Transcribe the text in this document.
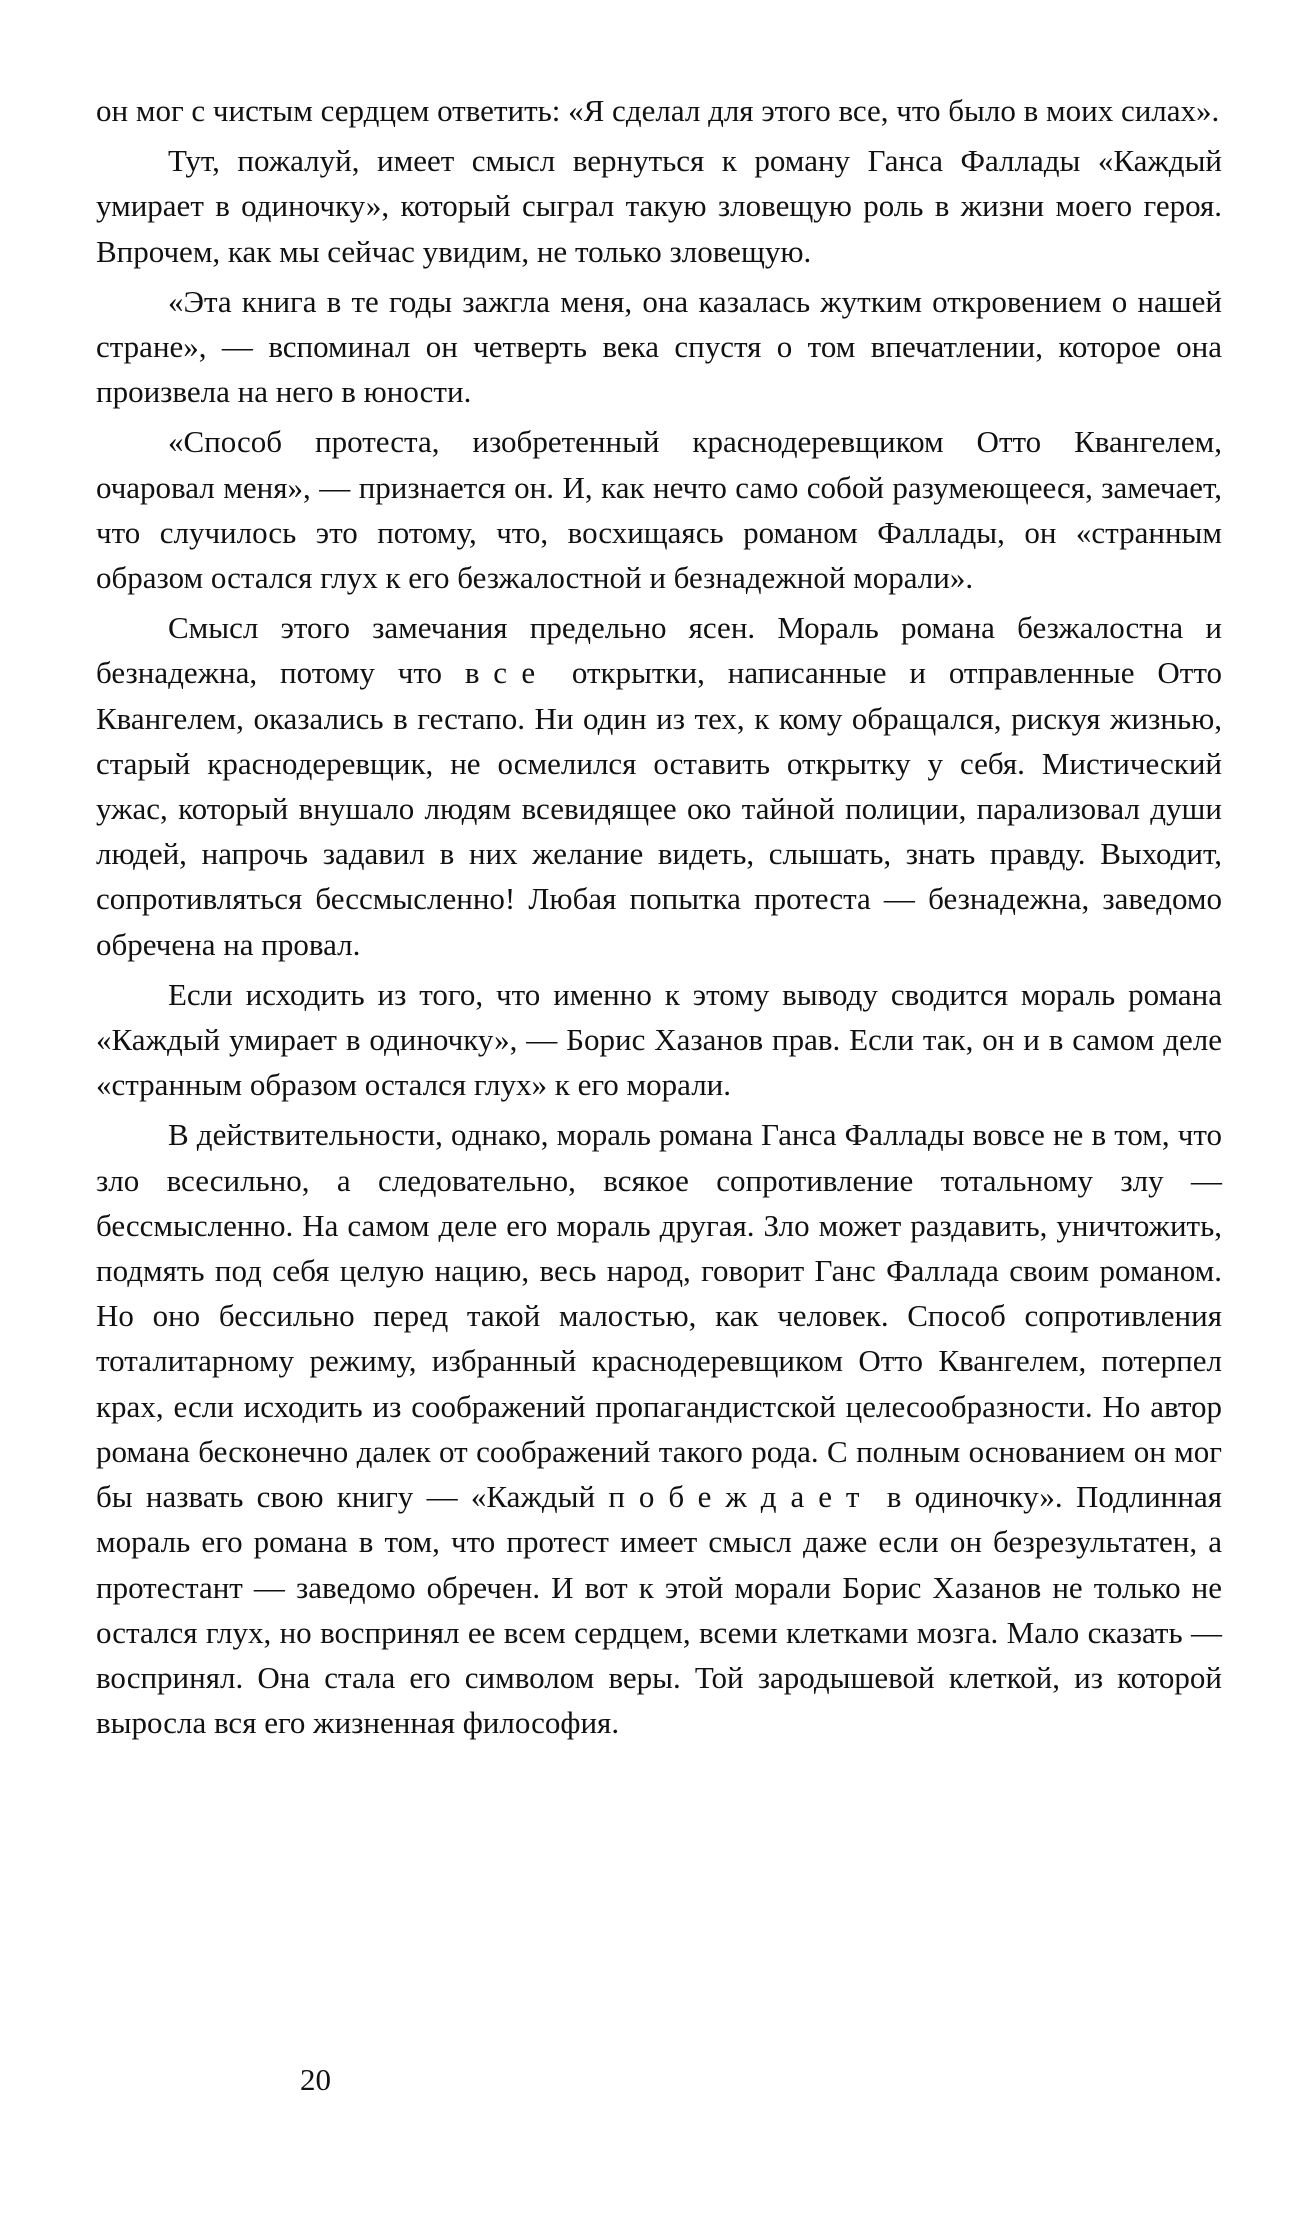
он мог с чистым сердцем ответить: «Я сделал для этого все, что было в моих силах».

Тут, пожалуй, имеет смысл вернуться к роману Ганса Фаллады «Каждый умирает в одиночку», который сыграл такую зловещую роль в жизни моего героя. Впрочем, как мы сейчас увидим, не только зловещую.

«Эта книга в те годы зажгла меня, она казалась жутким откровением о нашей стране», — вспоминал он четверть века спустя о том впечатлении, которое она произвела на него в юности.

«Способ протеста, изобретенный краснодеревщиком Отто Квангелем, очаровал меня», — признается он. И, как нечто само собой разумеющееся, замечает, что случилось это потому, что, восхищаясь романом Фаллады, он «странным образом остался глух к его безжалостной и безнадежной морали».

Смысл этого замечания предельно ясен. Мораль романа безжалостна и безнадежна, потому что все открытки, написанные и отправленные Отто Квангелем, оказались в гестапо. Ни один из тех, к кому обращался, рискуя жизнью, старый краснодеревщик, не осмелился оставить открытку у себя. Мистический ужас, который внушало людям всевидящее око тайной полиции, парализовал души людей, напрочь задавил в них желание видеть, слышать, знать правду. Выходит, сопротивляться бессмысленно! Любая попытка протеста — безнадежна, заведомо обречена на провал.

Если исходить из того, что именно к этому выводу сводится мораль романа «Каждый умирает в одиночку», — Борис Хазанов прав. Если так, он и в самом деле «странным образом остался глух» к его морали.

В действительности, однако, мораль романа Ганса Фаллады вовсе не в том, что зло всесильно, а следовательно, всякое сопротивление тотальному злу — бессмысленно. На самом деле его мораль другая. Зло может раздавить, уничтожить, подмять под себя целую нацию, весь народ, говорит Ганс Фаллада своим романом. Но оно бессильно перед такой малостью, как человек. Способ сопротивления тоталитарному режиму, избранный краснодеревщиком Отто Квангелем, потерпел крах, если исходить из соображений пропагандистской целесообразности. Но автор романа бесконечно далек от соображений такого рода. С полным основанием он мог бы назвать свою книгу — «Каждый побеждает в одиночку». Подлинная мораль его романа в том, что протест имеет смысл даже если он безрезультатен, а протестант — заведомо обречен. И вот к этой морали Борис Хазанов не только не остался глух, но воспринял ее всем сердцем, всеми клетками мозга. Мало сказать — воспринял. Она стала его символом веры. Той зародышевой клеткой, из которой выросла вся его жизненная философия.

20
